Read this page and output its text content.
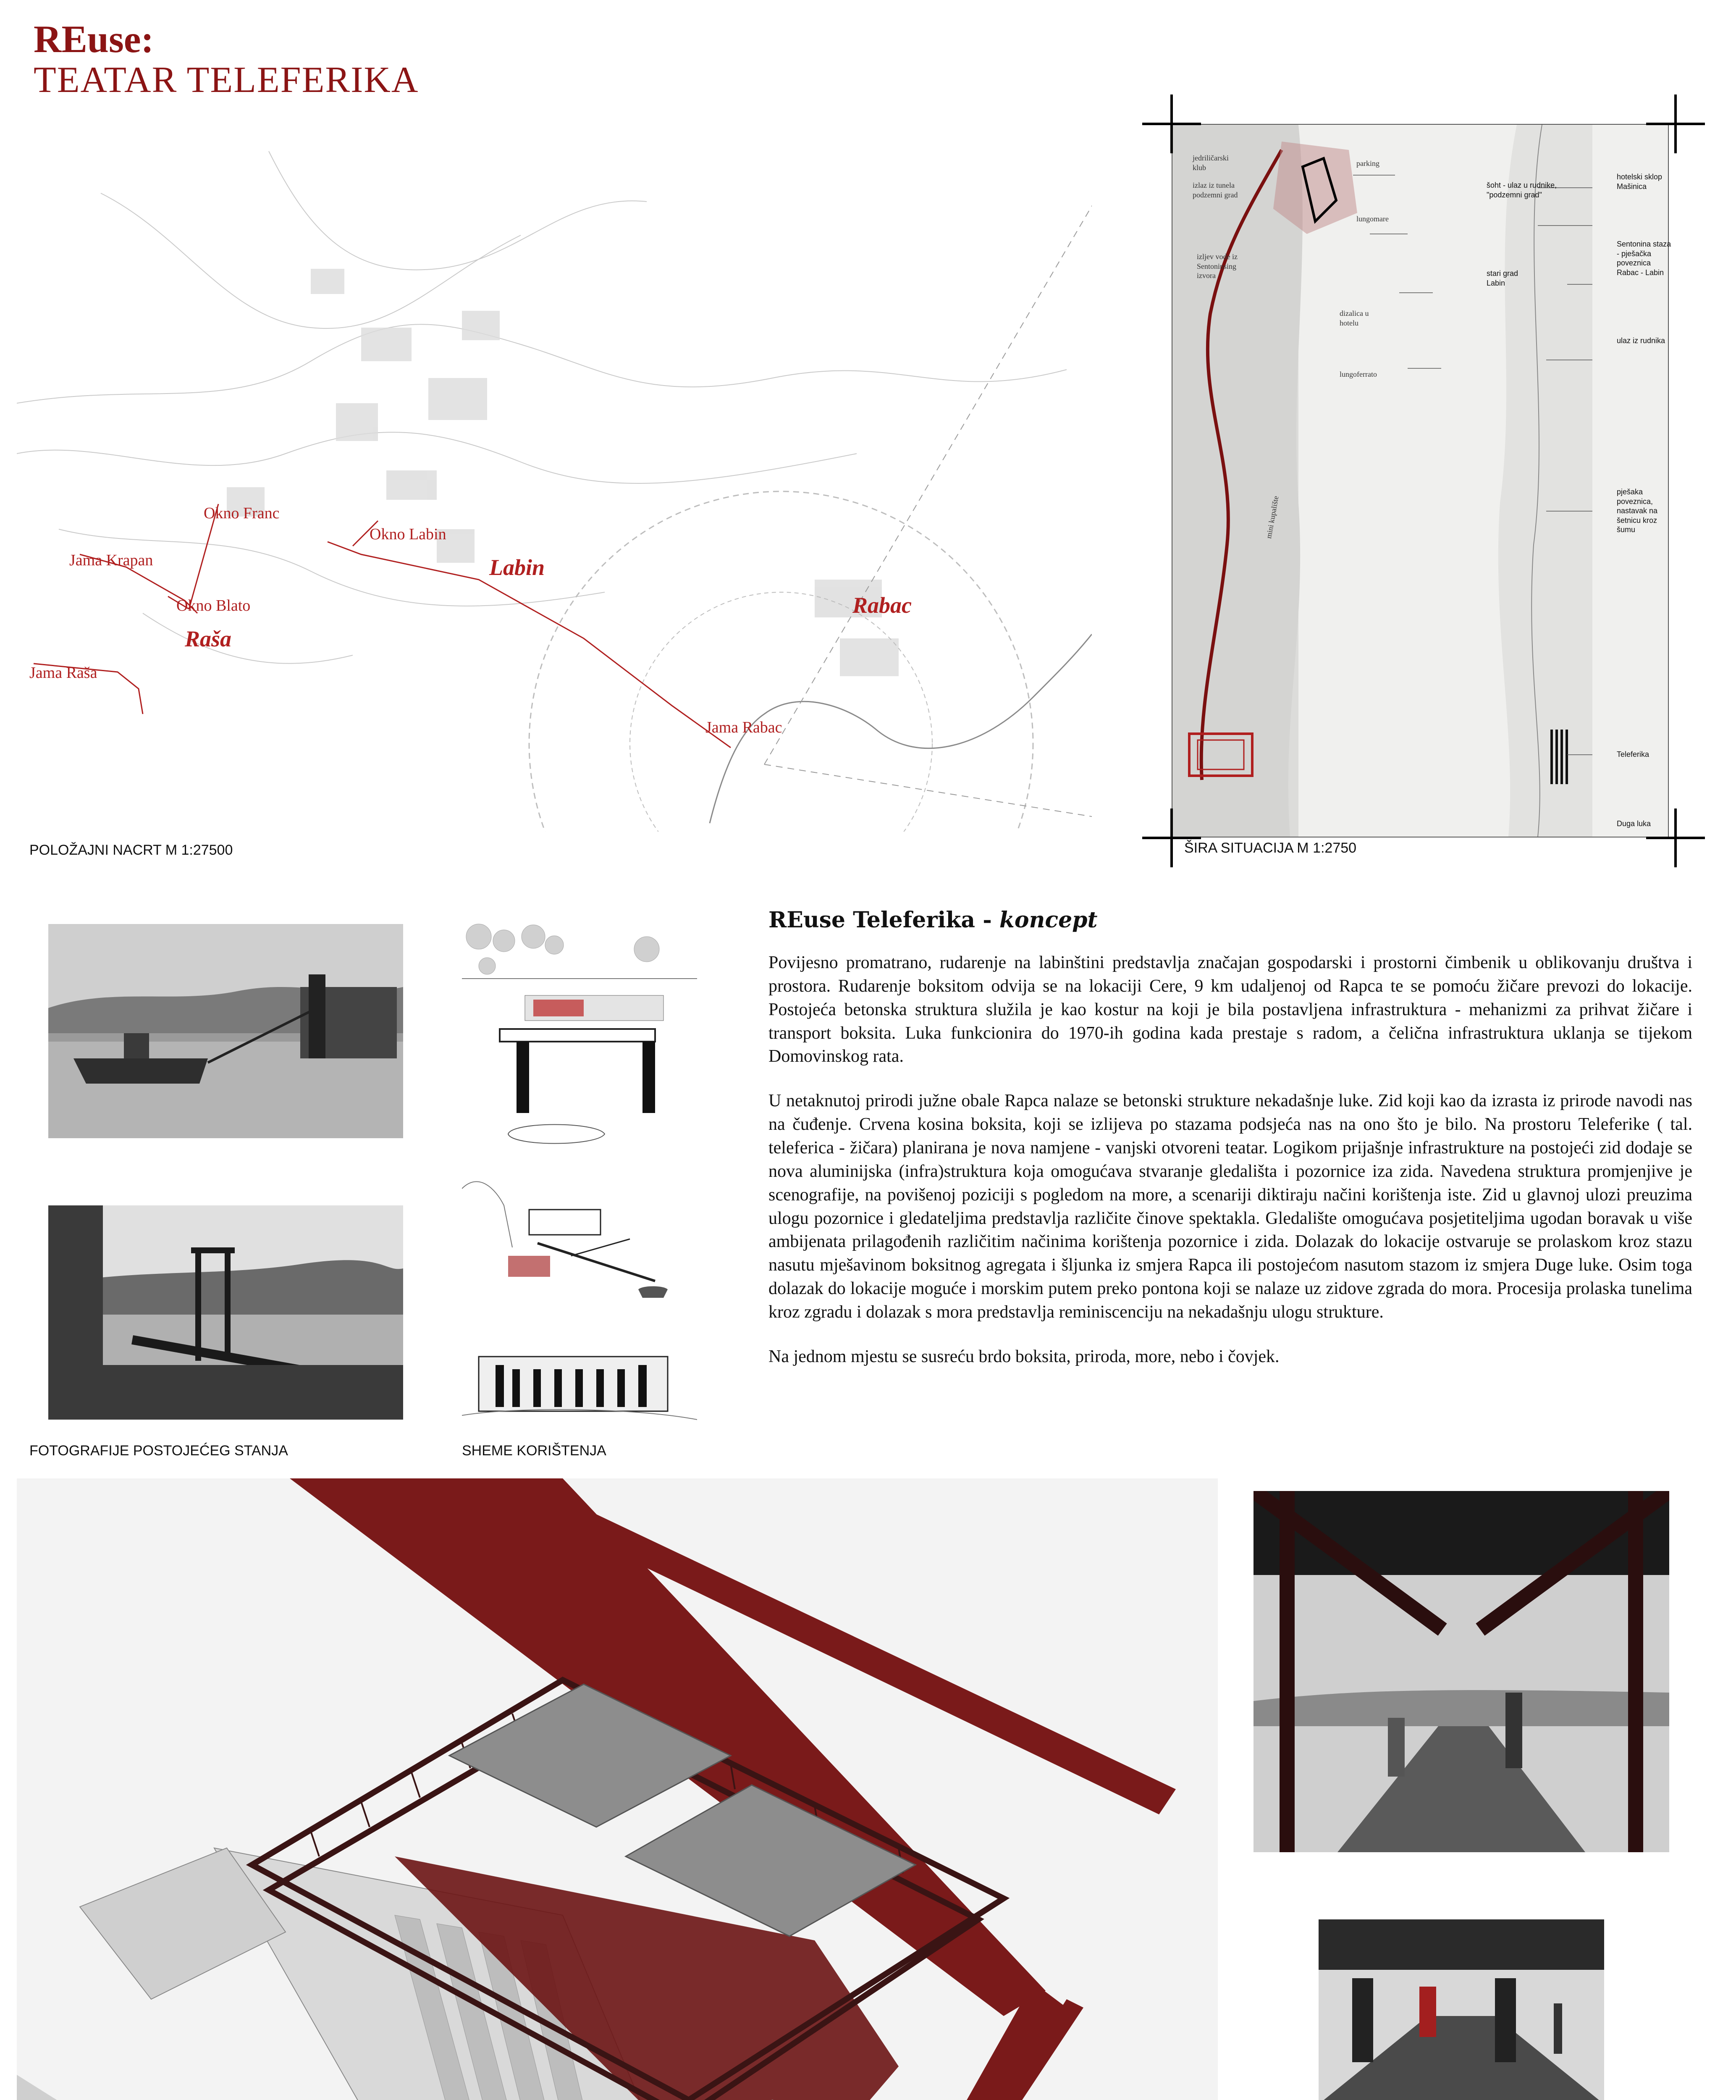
REuse:
TEATAR TELEFERIKA
Okno Franc
Jama Krapan
Okno Blato
Raša
Jama Raša
Okno Labin
Labin
Rabac
Jama Rabac
POLOŽAJNI NACRT M 1:27500
jedriličarski klub
izlaz iz tunela podzemni grad
izljev vode iz Sentoninsing izvora
parking
lungomare
dizalica u hotelu
lungoferrato
mini kupalište
šoht - ulaz u rudnike, "podzemni grad"
hotelski sklop Mašinica
Sentonina staza - pješačka poveznica Rabac - Labin
stari grad Labin
ulaz iz rudnika
pješaka poveznica, nastavak na šetnicu kroz šumu
Teleferika
Duga luka
ŠIRA SITUACIJA M 1:2750
FOTOGRAFIJE POSTOJEĆEG STANJA	SHEME KORIŠTENJA
REuse Teleferika - koncept

Povijesno promatrano, rudarenje na labinštini predstavlja značajan gospodarski i prostorni čimbenik u oblikovanju društva i prostora. Rudarenje boksitom odvija se na lokaciji Cere, 9 km udaljenoj od Rapca te se pomoću žičare prevozi do lokacije. Postojeća betonska struktura služila je kao kostur na koji je bila postavljena infrastruktura - mehanizmi za prihvat žičare i transport boksita. Luka funkcionira do 1970-ih godina kada prestaje s radom, a čelična infrastruktura uklanja se tijekom Domovinskog rata.

U netaknutoj prirodi južne obale Rapca nalaze se betonski strukture nekadašnje luke. Zid koji kao da izrasta iz prirode navodi nas na čuđenje. Crvena kosina boksita, koji se izlijeva po stazama podsjeća nas na ono što je bilo. Na prostoru Teleferike ( tal. teleferica - žičara) planirana je nova namjene - vanjski otvoreni teatar. Logikom prijašnje infrastrukture na postojeći zid dodaje se nova aluminijska (infra)struktura koja omogućava stvaranje gledališta i pozornice iza zida. Navedena struktura promjenjive je scenografije, na povišenoj poziciji s pogledom na more, a scenariji diktiraju načini korištenja iste. Zid u glavnoj ulozi preuzima ulogu pozornice i gledateljima predstavlja različite činove spektakla. Gledalište omogućava posjetiteljima ugodan boravak u više ambijenata prilagođenih različitim načinima korištenja pozornice i zida. Dolazak do lokacije ostvaruje se prolaskom kroz stazu nasutu mješavinom boksitnog agregata i šljunka iz smjera Rapca ili postojećom nasutom stazom iz smjera Duge luke. Osim toga dolazak do lokacije moguće i morskim putem preko pontona koji se nalaze uz zidove zgrada do mora. Procesija prolaska tunelima kroz zgradu i dolazak s mora predstavlja reminiscenciju na nekadašnju ulogu strukture.

Na jednom mjestu se susreću brdo boksita, priroda, more, nebo i čovjek.
